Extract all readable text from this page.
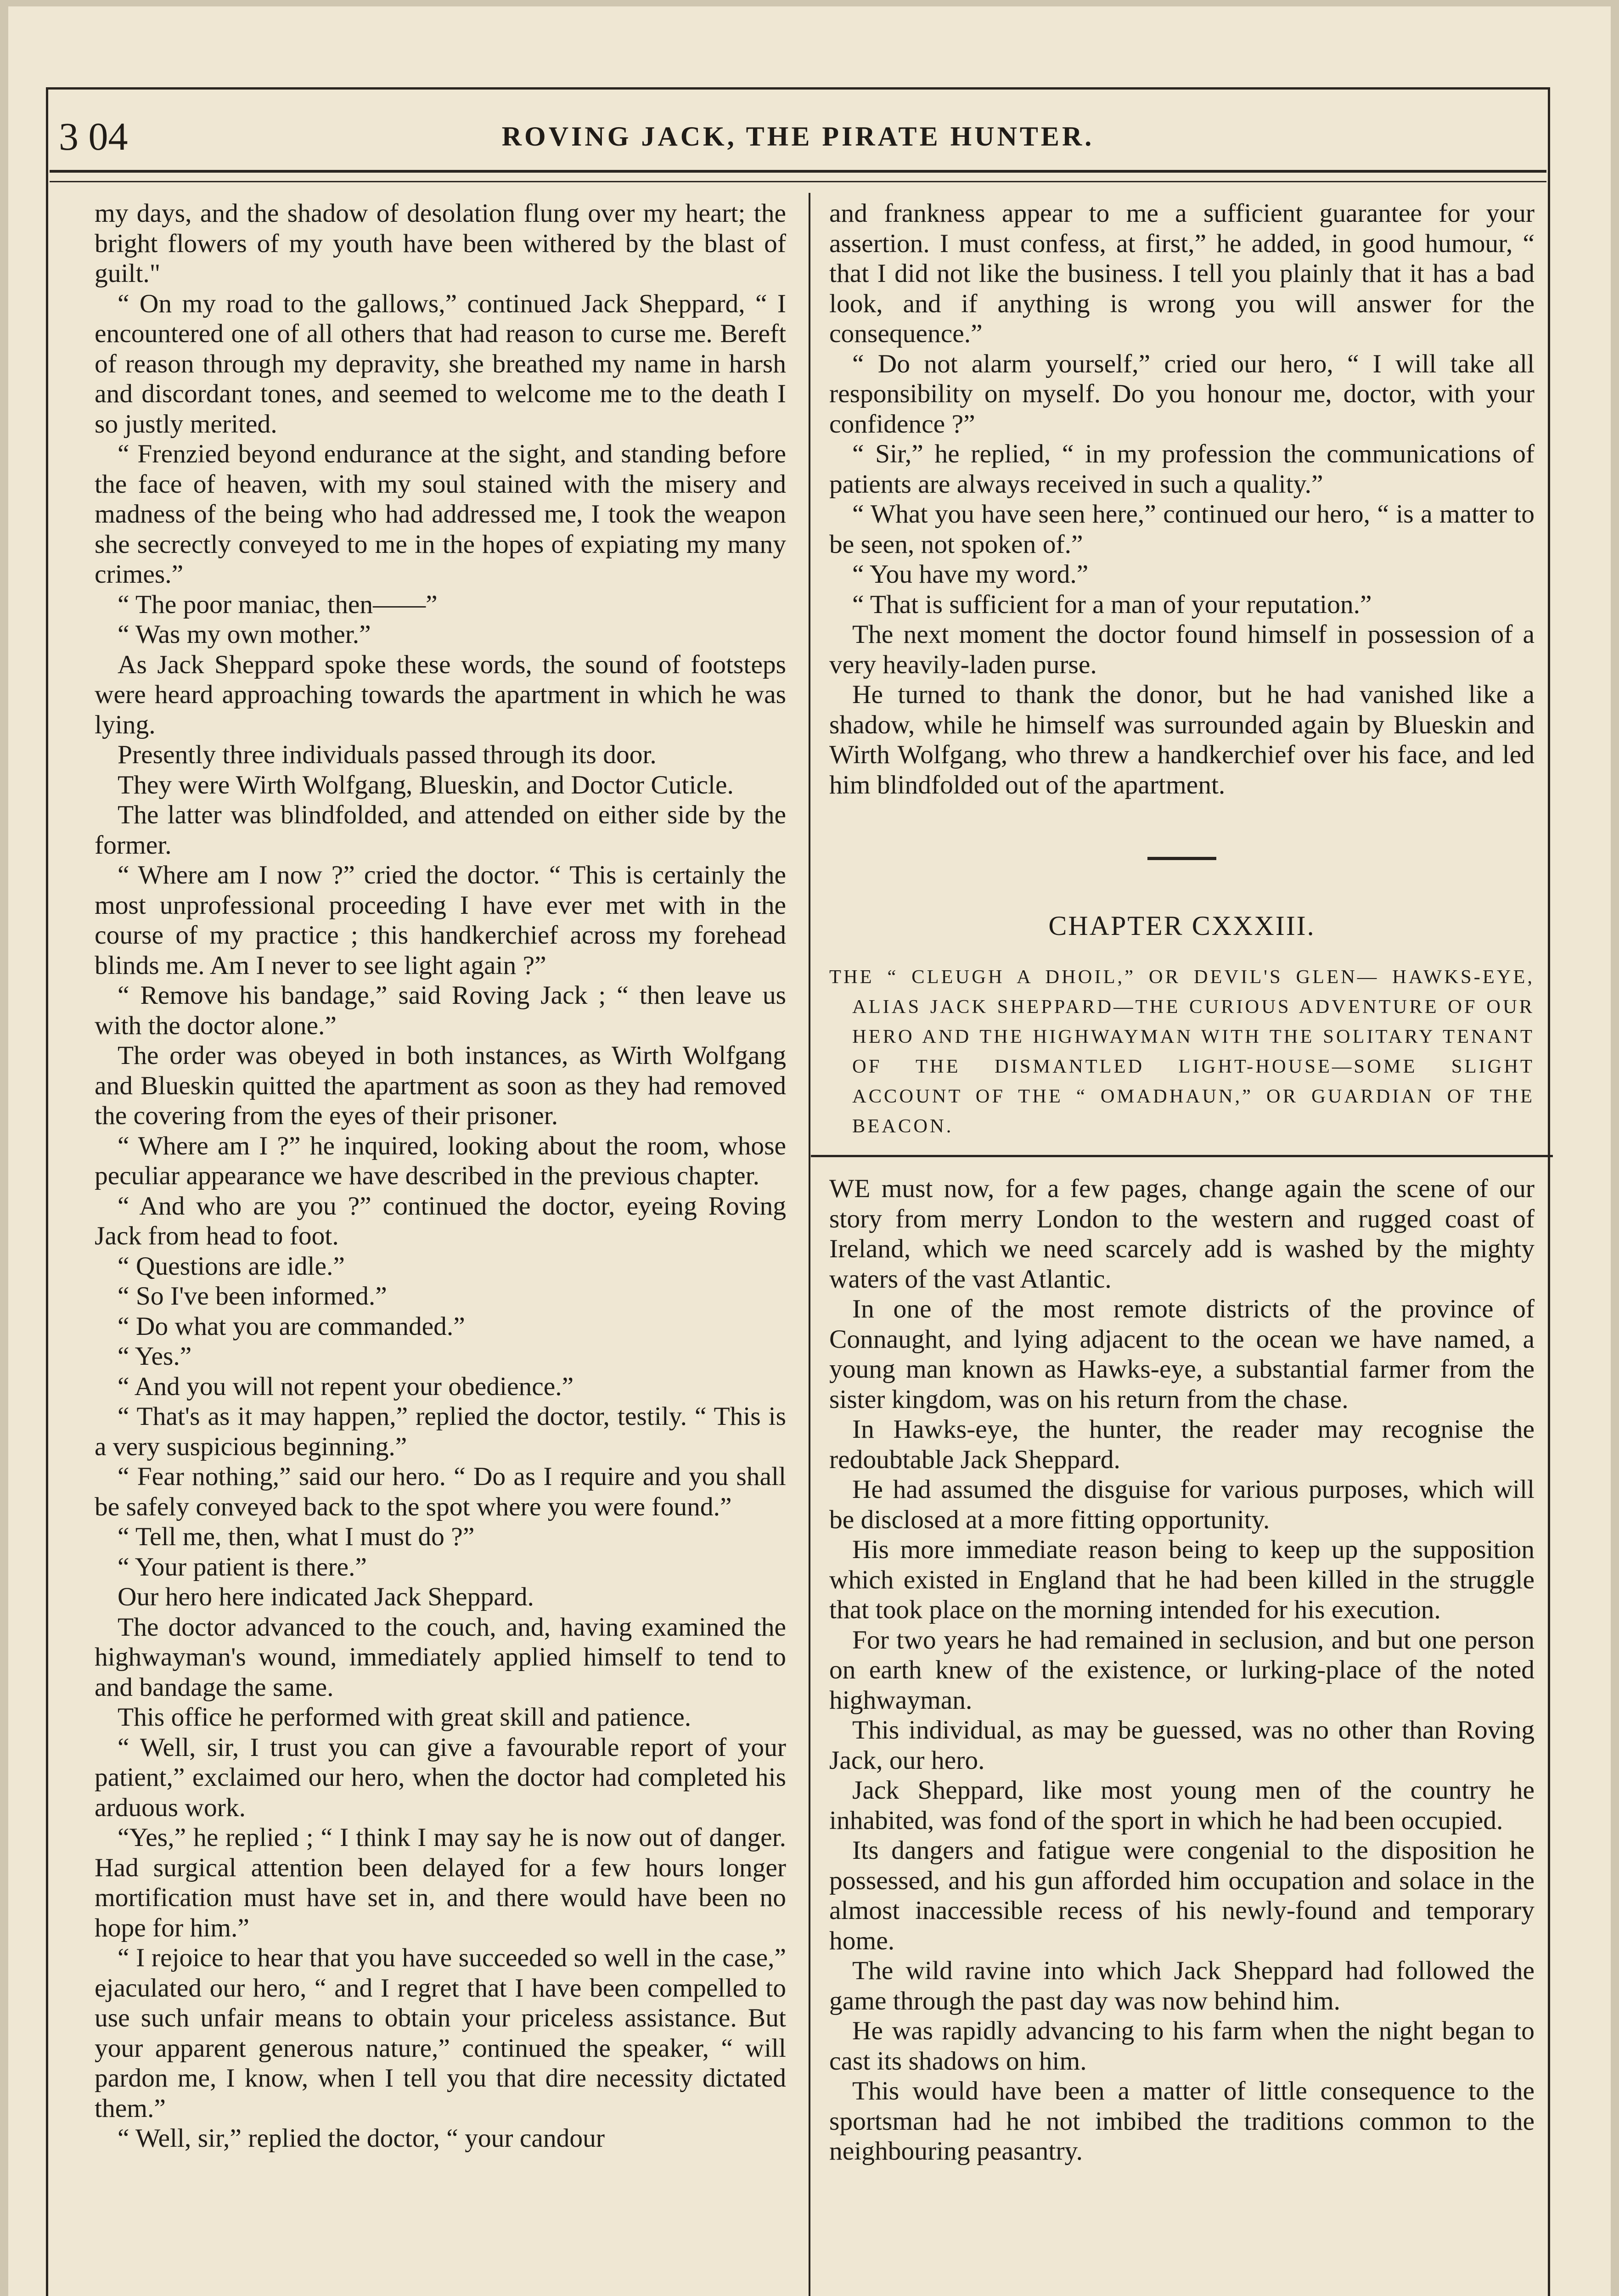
3 04	ROVING JACK, THE PIRATE HUNTER.

my days, and the shadow of desolation flung over my heart; the bright flowers of my youth have been withered by the blast of guilt."

“ On my road to the gallows,” continued Jack Sheppard, “ I encountered one of all others that had reason to curse me. Bereft of reason through my depravity, she breathed my name in harsh and discordant tones, and seemed to welcome me to the death I so justly merited.

“ Frenzied beyond endurance at the sight, and standing before the face of heaven, with my soul stained with the misery and madness of the being who had addressed me, I took the weapon she secrectly conveyed to me in the hopes of expiating my many crimes.”

“ The poor maniac, then——”

“ Was my own mother.”

As Jack Sheppard spoke these words, the sound of footsteps were heard approaching towards the apartment in which he was lying.

Presently three individuals passed through its door.

They were Wirth Wolfgang, Blueskin, and Doctor Cuticle.

The latter was blindfolded, and attended on either side by the former.

“ Where am I now ?” cried the doctor. “ This is certainly the most unprofessional proceeding I have ever met with in the course of my practice ; this handkerchief across my forehead blinds me. Am I never to see light again ?”

“ Remove his bandage,” said Roving Jack ; “ then leave us with the doctor alone.”

The order was obeyed in both instances, as Wirth Wolfgang and Blueskin quitted the apartment as soon as they had removed the covering from the eyes of their prisoner.

“ Where am I ?” he inquired, looking about the room, whose peculiar appearance we have described in the previous chapter.

“ And who are you ?” continued the doctor, eyeing Roving Jack from head to foot.

“ Questions are idle.”

“ So I've been informed.”

“ Do what you are commanded.”

“ Yes.”

“ And you will not repent your obedience.”

“ That's as it may happen,” replied the doctor, testily. “ This is a very suspicious beginning.”

“ Fear nothing,” said our hero. “ Do as I require and you shall be safely conveyed back to the spot where you were found.”

“ Tell me, then, what I must do ?”

“ Your patient is there.”

Our hero here indicated Jack Sheppard.

The doctor advanced to the couch, and, having examined the highwayman's wound, immediately applied himself to tend to and bandage the same.

This office he performed with great skill and patience.

“ Well, sir, I trust you can give a favourable report of your patient,” exclaimed our hero, when the doctor had completed his arduous work.

“Yes,” he replied ; “ I think I may say he is now out of danger. Had surgical attention been delayed for a few hours longer mortification must have set in, and there would have been no hope for him.”

“ I rejoice to hear that you have succeeded so well in the case,” ejaculated our hero, “ and I regret that I have been compelled to use such unfair means to obtain your priceless assistance. But your apparent generous nature,” continued the speaker, “ will pardon me, I know, when I tell you that dire necessity dictated them.”

“ Well, sir,” replied the doctor, “ your candour

and frankness appear to me a sufficient guarantee for your assertion. I must confess, at first,” he added, in good humour, “ that I did not like the business. I tell you plainly that it has a bad look, and if anything is wrong you will answer for the consequence.”

“ Do not alarm yourself,” cried our hero, “ I will take all responsibility on myself. Do you honour me, doctor, with your confidence ?”

“ Sir,” he replied, “ in my profession the communications of patients are always received in such a quality.”

“ What you have seen here,” continued our hero, “ is a matter to be seen, not spoken of.”

“ You have my word.”

“ That is sufficient for a man of your reputation.”

The next moment the doctor found himself in possession of a very heavily-laden purse.

He turned to thank the donor, but he had vanished like a shadow, while he himself was surrounded again by Blueskin and Wirth Wolfgang, who threw a handkerchief over his face, and led him blindfolded out of the apartment.

CHAPTER CXXXIII.
THE “ CLEUGH A DHOIL,” OR DEVIL'S GLEN— HAWKS-EYE, ALIAS JACK SHEPPARD—THE CURIOUS ADVENTURE OF OUR HERO AND THE HIGHWAYMAN WITH THE SOLITARY TENANT OF THE DISMANTLED LIGHT-HOUSE—SOME SLIGHT ACCOUNT OF THE “ OMADHAUN,” OR GUARDIAN OF THE BEACON.

WE must now, for a few pages, change again the scene of our story from merry London to the western and rugged coast of Ireland, which we need scarcely add is washed by the mighty waters of the vast Atlantic.

In one of the most remote districts of the province of Connaught, and lying adjacent to the ocean we have named, a young man known as Hawks-eye, a substantial farmer from the sister kingdom, was on his return from the chase.

In Hawks-eye, the hunter, the reader may recognise the redoubtable Jack Sheppard.

He had assumed the disguise for various purposes, which will be disclosed at a more fitting opportunity.

His more immediate reason being to keep up the supposition which existed in England that he had been killed in the struggle that took place on the morning intended for his execution.

For two years he had remained in seclusion, and but one person on earth knew of the existence, or lurking-place of the noted highwayman.

This individual, as may be guessed, was no other than Roving Jack, our hero.

Jack Sheppard, like most young men of the country he inhabited, was fond of the sport in which he had been occupied.

Its dangers and fatigue were congenial to the disposition he possessed, and his gun afforded him occupation and solace in the almost inaccessible recess of his newly-found and temporary home.

The wild ravine into which Jack Sheppard had followed the game through the past day was now behind him.

He was rapidly advancing to his farm when the night began to cast its shadows on him.

This would have been a matter of little consequence to the sportsman had he not imbibed the traditions common to the neighbouring peasantry.
